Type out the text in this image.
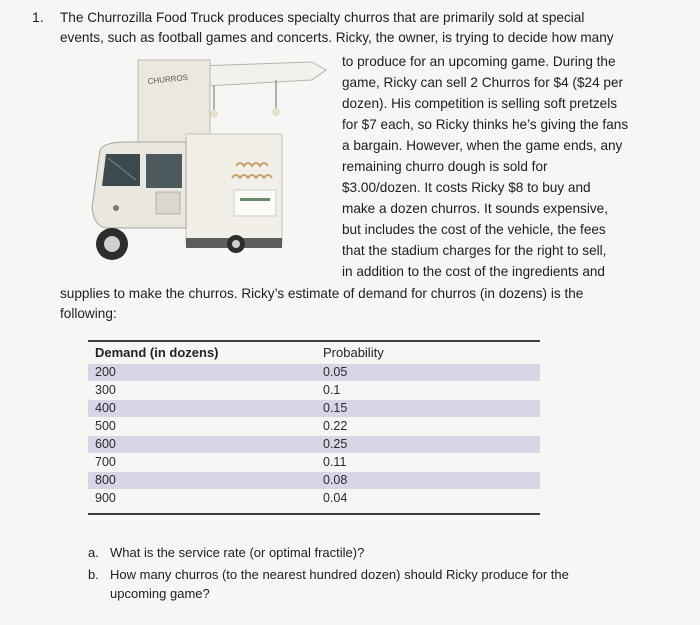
1. The Churrozilla Food Truck produces specialty churros that are primarily sold at special
events, such as football games and concerts. Ricky, the owner, is trying to decide how many
to produce for an upcoming game. During the
game, Ricky can sell 2 Churros for $4 ($24 per
dozen). His competition is selling soft pretzels
for $7 each, so Ricky thinks he’s giving the fans
a bargain. However, when the game ends, any
remaining churro dough is sold for
$3.00/dozen. It costs Ricky $8 to buy and
make a dozen churros. It sounds expensive,
but includes the cost of the vehicle, the fees
that the stadium charges for the right to sell,
in addition to the cost of the ingredients and
supplies to make the churros. Ricky’s estimate of demand for churros (in dozens) is the
following:
CHURROS
Demand (in dozens)	Probability
200	0.05
300	0.1
400	0.15
500	0.22
600	0.25
700	0.11
800	0.08
900	0.04
a. What is the service rate (or optimal fractile)?
b. How many churros (to the nearest hundred dozen) should Ricky produce for the
upcoming game?
